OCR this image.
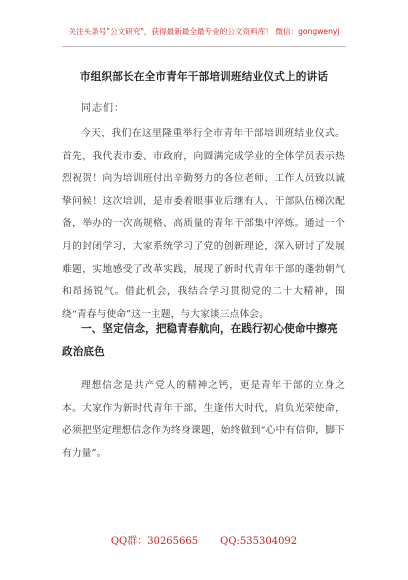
关注头条号"公文研究"，获得最新最全最专业的公文资料库！ 微信：gongwenyj
市组织部长在全市青年干部培训班结业仪式上的讲话
同志们：

今天，我们在这里隆重举行全市青年干部培训班结业仪式。首先，我代表市委、市政府，向圆满完成学业的全体学员表示热烈祝贺！向为培训班付出辛勤努力的各位老师、工作人员致以诚挚问候！这次培训，是市委着眼事业后继有人、干部队伍梯次配备，举办的一次高规格、高质量的青年干部集中淬炼。通过一个月的封闭学习，大家系统学习了党的创新理论，深入研讨了发展难题，实地感受了改革实践，展现了新时代青年干部的蓬勃朝气和昂扬锐气。借此机会，我结合学习贯彻党的二十大精神，围绕“青春与使命”这一主题，与大家谈三点体会。

一、坚定信念，把稳青春航向，在践行初心使命中擦亮政治底色

理想信念是共产党人的精神之钙，更是青年干部的立身之本。大家作为新时代青年干部，生逢伟大时代，肩负光荣使命，必须把坚定理想信念作为终身课题，始终做到“心中有信仰，脚下有力量”。

QQ群：30265665 QQ:535304092
